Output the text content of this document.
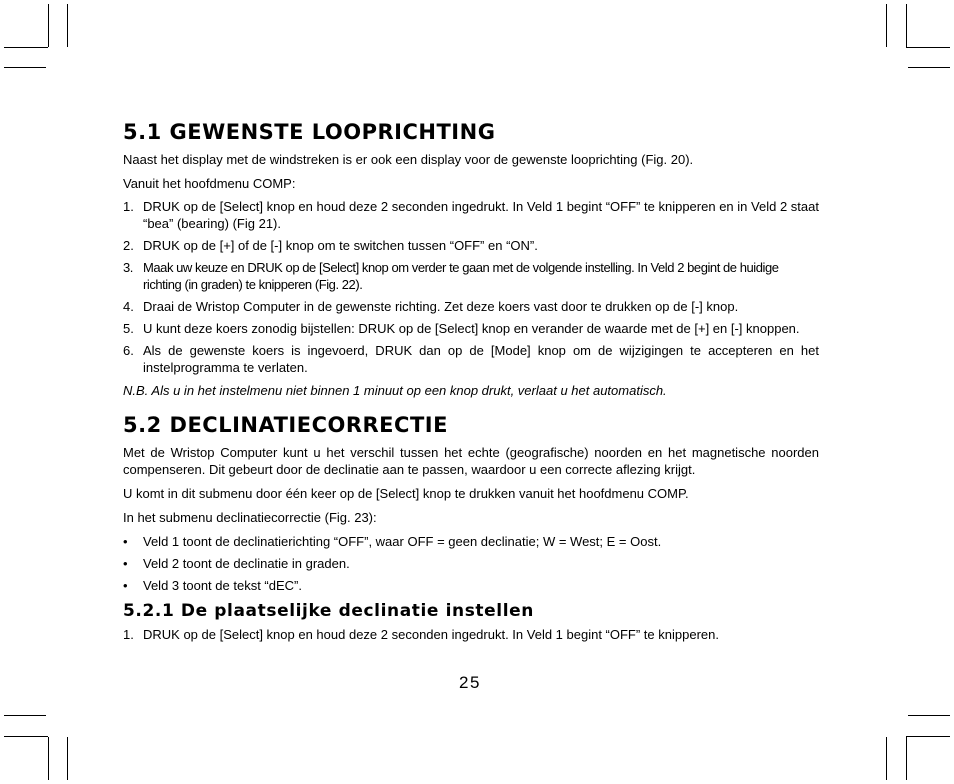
5.1 GEWENSTE LOOPRICHTING

Naast het display met de windstreken is er ook een display voor de gewenste looprichting (Fig. 20).

Vanuit het hoofdmenu COMP:

1. DRUK op de [Select] knop en houd deze 2 seconden ingedrukt. In Veld 1 begint “OFF” te knipperen en in Veld 2 staat “bea” (bearing) (Fig 21).
2. DRUK op de [+] of de [-] knop om te switchen tussen “OFF” en “ON”.
3. Maak uw keuze en DRUK op de [Select] knop om verder te gaan met de volgende instelling. In Veld 2 begint de huidige richting (in graden) te knipperen (Fig. 22).
4. Draai de Wristop Computer in de gewenste richting. Zet deze koers vast door te drukken op de [-] knop.
5. U kunt deze koers zonodig bijstellen: DRUK op de [Select] knop en verander de waarde met de [+] en [-] knoppen.
6. Als de gewenste koers is ingevoerd, DRUK dan op de [Mode] knop om de wijzigingen te accepteren en het instelprogramma te verlaten.

N.B. Als u in het instelmenu niet binnen 1 minuut op een knop drukt, verlaat u het automatisch.

5.2 DECLINATIECORRECTIE

Met de Wristop Computer kunt u het verschil tussen het echte (geografische) noorden en het magnetische noorden compenseren. Dit gebeurt door de declinatie aan te passen, waardoor u een correcte aflezing krijgt.

U komt in dit submenu door één keer op de [Select] knop te drukken vanuit het hoofdmenu COMP.

In het submenu declinatiecorrectie (Fig. 23):

• Veld 1 toont de declinatierichting “OFF”, waar OFF = geen declinatie; W = West; E = Oost.
• Veld 2 toont de declinatie in graden.
• Veld 3 toont de tekst “dEC”.
5.2.1 De plaatselijke declinatie instellen
1. DRUK op de [Select] knop en houd deze 2 seconden ingedrukt. In Veld 1 begint “OFF” te knipperen.
25
